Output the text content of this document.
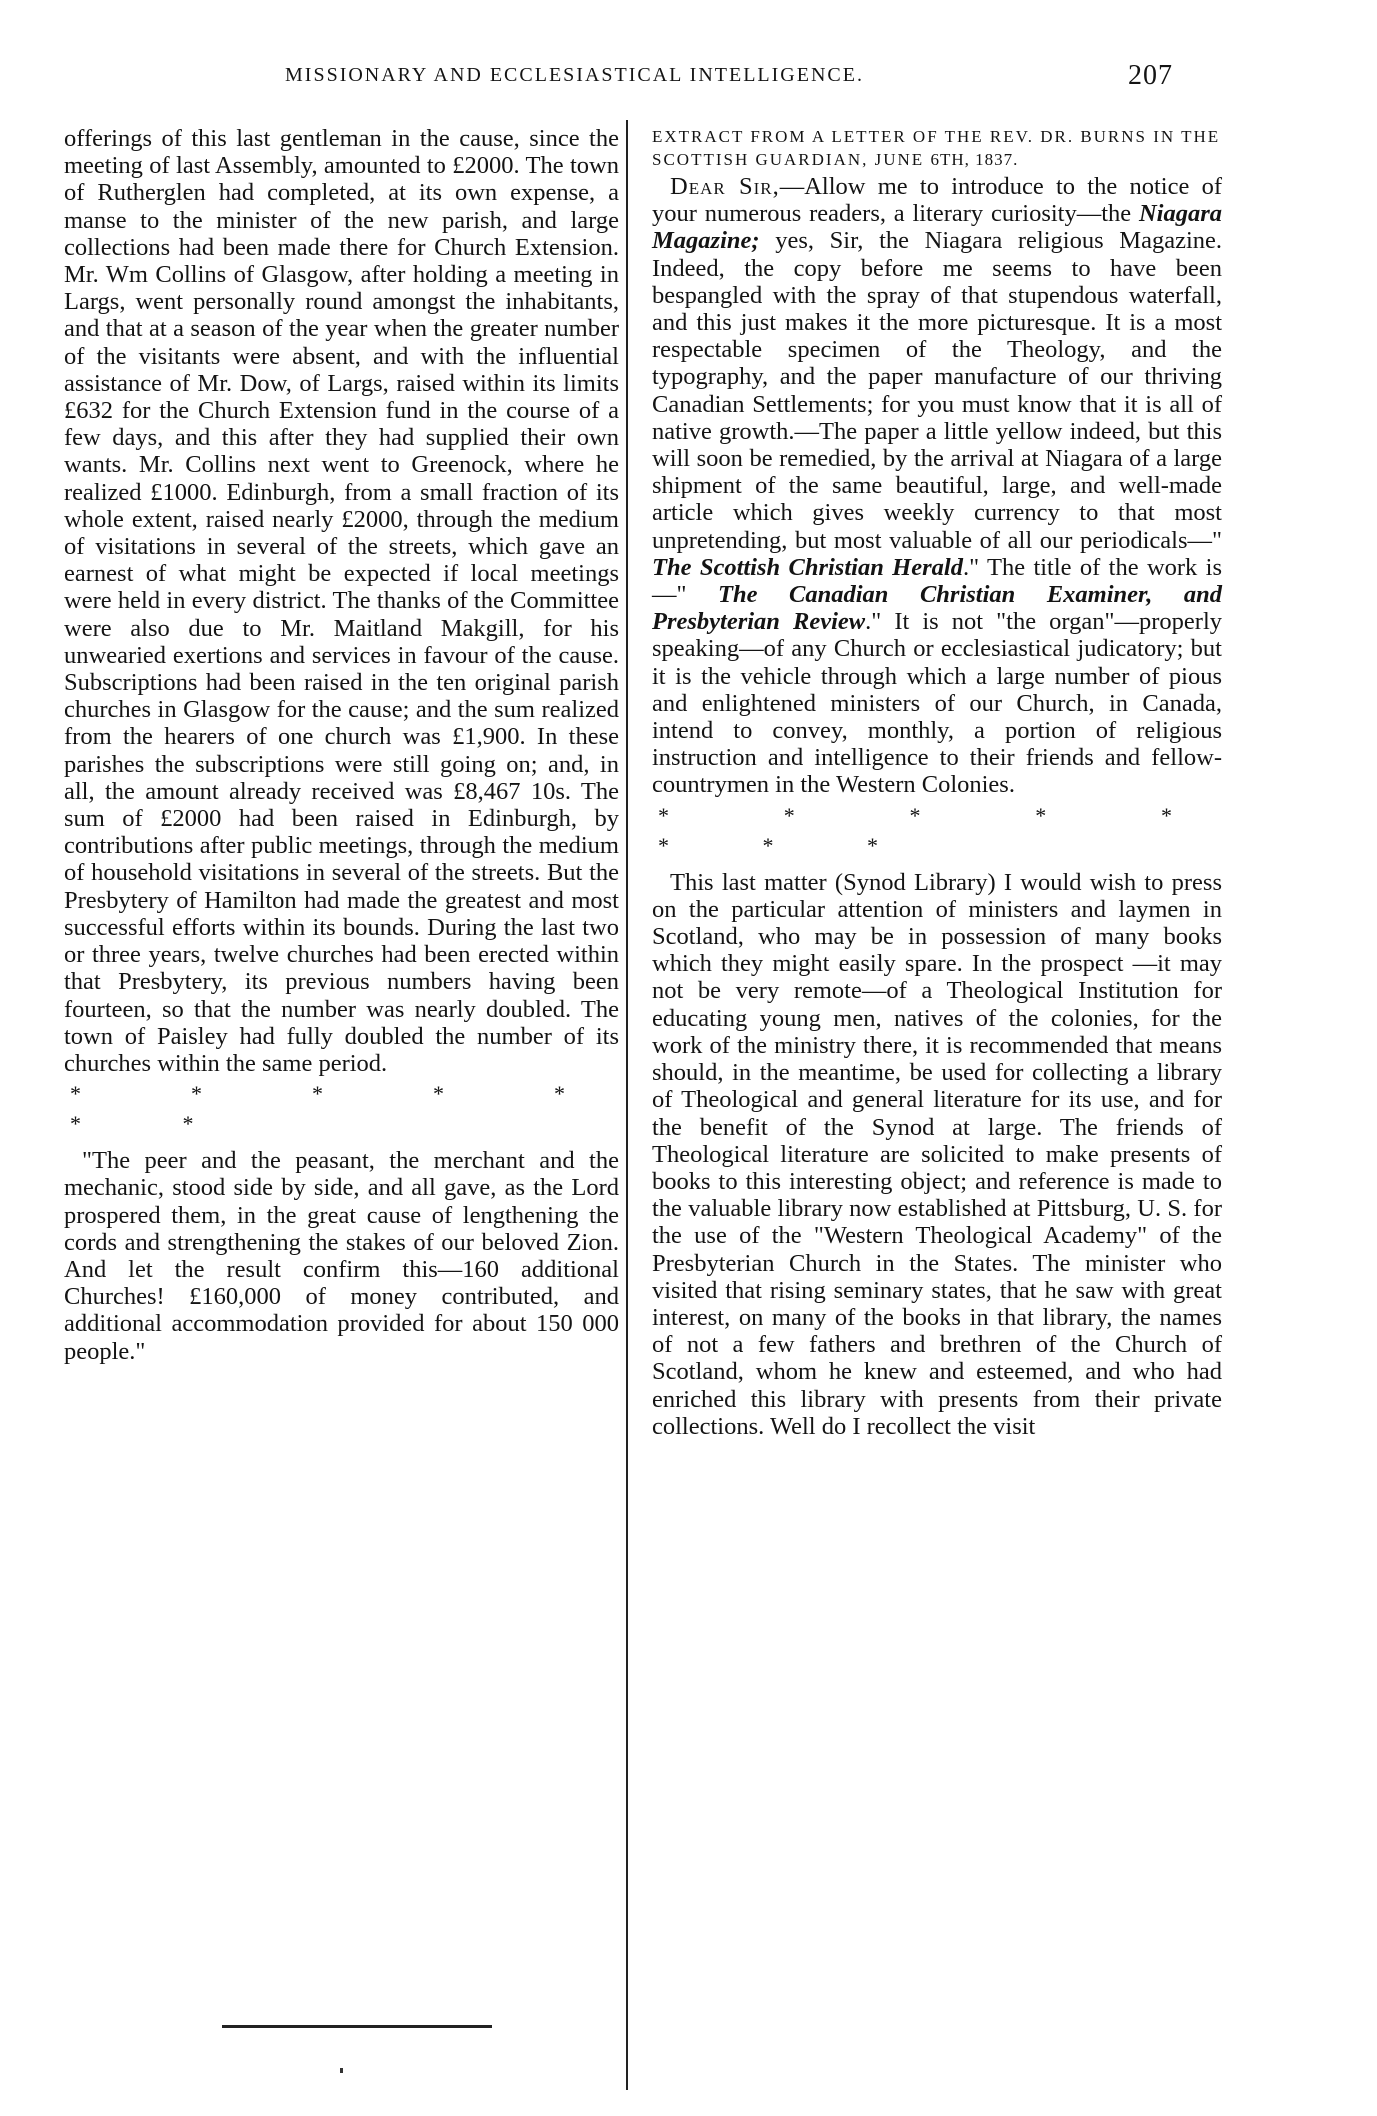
MISSIONARY AND ECCLESIASTICAL INTELLIGENCE.	207

offerings of this last gentleman in the cause, since the meeting of last Assembly, amounted to £2000. The town of Rutherglen had completed, at its own expense, a manse to the minister of the new parish, and large collections had been made there for Church Extension. Mr. Wm Collins of Glasgow, after holding a meeting in Largs, went personally round amongst the inhabitants, and that at a season of the year when the greater number of the visitants were absent, and with the influential assistance of Mr. Dow, of Largs, raised within its limits £632 for the Church Extension fund in the course of a few days, and this after they had supplied their own wants. Mr. Collins next went to Greenock, where he realized £1000. Edinburgh, from a small fraction of its whole extent, raised nearly £2000, through the medium of visitations in several of the streets, which gave an earnest of what might be expected if local meetings were held in every district. The thanks of the Committee were also due to Mr. Maitland Makgill, for his unwearied exertions and services in favour of the cause. Subscriptions had been raised in the ten original parish churches in Glasgow for the cause; and the sum realized from the hearers of one church was £1,900. In these parishes the subscriptions were still going on; and, in all, the amount already received was £8,467 10s. The sum of £2000 had been raised in Edinburgh, by contributions after public meetings, through the medium of household visitations in several of the streets. But the Presbytery of Hamilton had made the greatest and most successful efforts within its bounds. During the last two or three years, twelve churches had been erected within that Presbytery, its previous numbers having been fourteen, so that the number was nearly doubled. The town of Paisley had fully doubled the number of its churches within the same period.

* * * * * * *

"The peer and the peasant, the merchant and the mechanic, stood side by side, and all gave, as the Lord prospered them, in the great cause of lengthening the cords and strengthening the stakes of our beloved Zion. And let the result confirm this—160 additional Churches! £160,000 of money contributed, and additional accommodation provided for about 150 000 people."

EXTRACT FROM A LETTER OF THE REV. DR. BURNS IN THE SCOTTISH GUARDIAN, JUNE 6TH, 1837.

Dear Sir,—Allow me to introduce to the notice of your numerous readers, a literary curiosity—the Niagara Magazine; yes, Sir, the Niagara religious Magazine. Indeed, the copy before me seems to have been bespangled with the spray of that stupendous waterfall, and this just makes it the more picturesque. It is a most respectable specimen of the Theology, and the typography, and the paper manufacture of our thriving Canadian Settlements; for you must know that it is all of native growth.—The paper a little yellow indeed, but this will soon be remedied, by the arrival at Niagara of a large shipment of the same beautiful, large, and well-made article which gives weekly currency to that most unpretending, but most valuable of all our periodicals—" The Scottish Christian Herald." The title of the work is—" The Canadian Christian Examiner, and Presbyterian Review." It is not "the organ"—properly speaking—of any Church or ecclesiastical judicatory; but it is the vehicle through which a large number of pious and enlightened ministers of our Church, in Canada, intend to convey, monthly, a portion of religious instruction and intelligence to their friends and fellow-countrymen in the Western Colonies.

* * * * * * * *

This last matter (Synod Library) I would wish to press on the particular attention of ministers and laymen in Scotland, who may be in possession of many books which they might easily spare. In the prospect —it may not be very remote—of a Theological Institution for educating young men, natives of the colonies, for the work of the ministry there, it is recommended that means should, in the meantime, be used for collecting a library of Theological and general literature for its use, and for the benefit of the Synod at large. The friends of Theological literature are solicited to make presents of books to this interesting object; and reference is made to the valuable library now established at Pittsburg, U. S. for the use of the "Western Theological Academy" of the Presbyterian Church in the States. The minister who visited that rising seminary states, that he saw with great interest, on many of the books in that library, the names of not a few fathers and brethren of the Church of Scotland, whom he knew and esteemed, and who had enriched this library with presents from their private collections. Well do I recollect the visit
